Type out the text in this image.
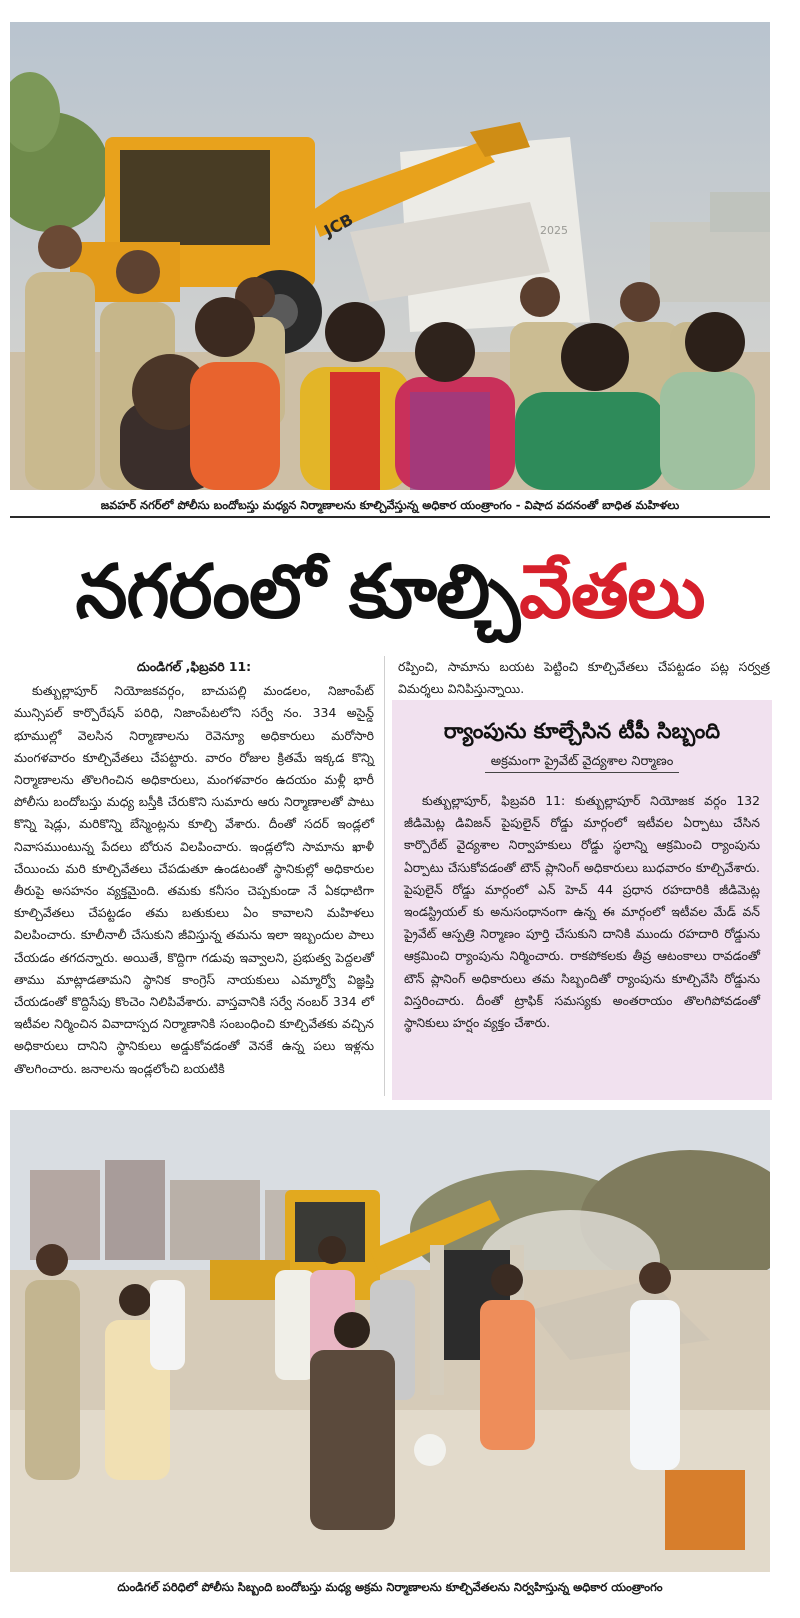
2025
JCB
జవహర్ నగర్‌లో పోలీసు బందోబస్తు మధ్యన నిర్మాణాలను కూల్చివేస్తున్న అధికార యంత్రాంగం - విషాద వదనంతో బాధిత మహిళలు
నగరంలో కూల్చివేతలు
దుండిగల్ ,ఫిబ్రవరి 11:

కుత్బుల్లాపూర్ నియోజకవర్గం, బాచుపల్లి మండలం, నిజాంపేట్ మున్సిపల్ కార్పొరేషన్ పరిధి, నిజాంపేటలోని సర్వే నం. 334 అసైన్డ్ భూముల్లో వెలసిన నిర్మాణాలను రెవెన్యూ అధికారులు మరోసారి మంగళవారం కూల్చివేతలు చేపట్టారు. వారం రోజుల క్రితమే ఇక్కడ కొన్ని నిర్మాణాలను తొలగించిన అధికారులు, మంగళవారం ఉదయం మళ్లీ భారీ పోలీసు బందోబస్తు మధ్య బస్తీకి చేరుకొని సుమారు ఆరు నిర్మాణాలతో పాటు కొన్ని షెడ్లు, మరికొన్ని బేస్మెంట్లను కూల్చి వేశారు. దీంతో సదర్ ఇండ్లలో నివాసముంటున్న పేదలు బోరున విలపించారు. ఇండ్లలోని సామాను ఖాళీ చేయించు మరి కూల్చివేతలు చేపడుతూ ఉండటంతో స్థానికుల్లో అధికారుల తీరుపై అసహనం వ్యక్తమైంది. తమకు కనీసం చెప్పకుండా నే ఏకధాటిగా కూల్చివేతలు చేపట్టడం తమ బతుకులు ఏం కావాలని మహిళలు విలపించారు. కూలీనాలీ చేసుకుని జీవిస్తున్న తమను ఇలా ఇబ్బందుల పాలు చేయడం తగదన్నారు. అయితే, కొద్దిగా గడువు ఇవ్వాలని, ప్రభుత్వ పెద్దలతో తాము మాట్లాడతామని స్థానిక కాంగ్రెస్ నాయకులు ఎమ్మార్వో విజ్ఞప్తి చేయడంతో కొద్దిసేపు కొంచెం నిలిపివేశారు. వాస్తవానికి సర్వే నంబర్ 334 లో ఇటీవల నిర్మించిన వివాదాస్పద నిర్మాణానికి సంబంధించి కూల్చివేతకు వచ్చిన అధికారులు దానిని స్థానికులు అడ్డుకోవడంతో వెనకే ఉన్న పలు ఇళ్లను తొలగించారు. జనాలను ఇండ్లలోంచి బయటికి

రప్పించి, సామాను బయట పెట్టించి కూల్చివేతలు చేపట్టడం పట్ల సర్వత్ర విమర్శలు వినిపిస్తున్నాయి.

ర్యాంపును కూల్చేసిన టీపీ సిబ్బంది
అక్రమంగా ప్రైవేట్ వైద్యశాల నిర్మాణం

కుత్బుల్లాపూర్, ఫిబ్రవరి 11: కుత్బుల్లాపూర్ నియోజక వర్గం 132 జీడిమెట్ల డివిజన్ పైపులైన్ రోడ్డు మార్గంలో ఇటీవల ఏర్పాటు చేసిన కార్పొరేట్ వైద్యశాల నిర్వాహకులు రోడ్డు స్థలాన్ని ఆక్రమించి ర్యాంపును ఏర్పాటు చేసుకోవడంతో టౌన్ ప్లానింగ్ అధికారులు బుధవారం కూల్చివేశారు. పైపులైన్ రోడ్డు మార్గంలో ఎన్ హెచ్ 44 ప్రధాన రహదారికి జీడిమెట్ల ఇండస్ట్రియల్ కు అనుసంధానంగా ఉన్న ఈ మార్గంలో ఇటీవల మేడ్ వన్ ప్రైవేట్ ఆస్పత్రి నిర్మాణం పూర్తి చేసుకుని దానికి ముందు రహదారి రోడ్డును ఆక్రమించి ర్యాంపును నిర్మించారు. రాకపోకలకు తీవ్ర ఆటంకాలు రావడంతో టౌన్ ప్లానింగ్ అధికారులు తమ సిబ్బందితో ర్యాంపును కూల్చివేసి రోడ్డును విస్తరించారు. దీంతో ట్రాఫిక్ సమస్యకు అంతరాయం తొలగిపోవడంతో స్థానికులు హర్షం వ్యక్తం చేశారు.

దుండిగల్ పరిధిలో పోలీసు సిబ్బంది బందోబస్తు మధ్య అక్రమ నిర్మాణాలను కూల్చివేతలను నిర్వహిస్తున్న అధికార యంత్రాంగం
